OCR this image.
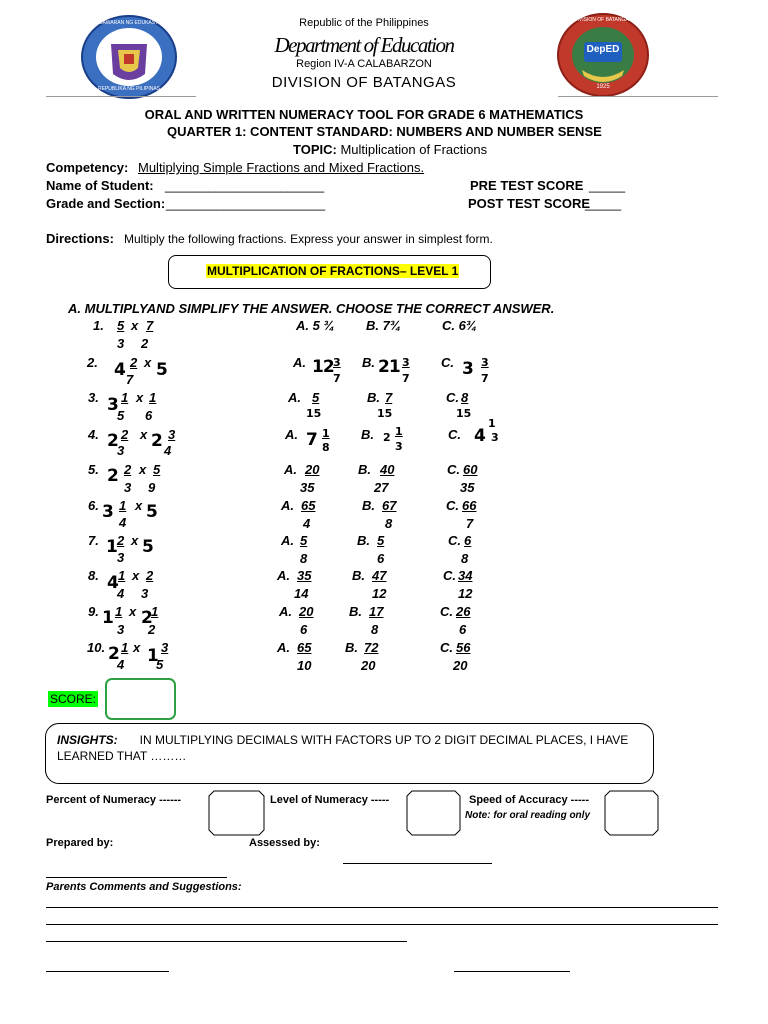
KAGAWARAN NG EDUKASYON
REPUBLIKA NG PILIPINAS
DIVISION OF BATANGAS
DepED
1925
Republic of the Philippines
Department of Education
Region IV-A CALABARZON
DIVISION OF BATANGAS
ORAL AND WRITTEN NUMERACY TOOL FOR GRADE 6 MATHEMATICS
QUARTER 1: CONTENT STANDARD: NUMBERS AND NUMBER SENSE
TOPIC: Multiplication of Fractions
Competency: Multiplying Simple Fractions and Mixed Fractions.
Name of Student: ______________________
Grade and Section: ______________________
PRE TEST SCORE _____
POST TEST SCORE
_____
Directions: Multiply the following fractions. Express your answer in simplest form.
MULTIPLICATION OF FRACTIONS– LEVEL 1
A. MULTIPLYAND SIMPLIFY THE ANSWER. CHOOSE THE CORRECT ANSWER.
1. 5 x 7
3 2
A. 5 ¾ B. 7¾	C. 6¾
2. 4 2 x 5
7
A. 12 3
7
B. 21 3
7
C. 3 3
7
3. 3 1 x 1
5 6
A. 5
15
B. 7
15
C. 8
15
4. 2 2 x 2 3
3	4
A. 7 1
8
B. 2 1
3
C. 4
1
3
5. 2 2 x 5
3 9
A. 20
35
B. 40
27
C. 60
35
6. 3 1 x 5
4
A. 65
4
B. 67
8
C. 66
7
7. 1 2 x 5
3
A. 5
8
B. 5
6
C. 6
8
8. 4 1 x 2
4 3
A. 35
14
B. 47
12
C. 34
12
9. 1 1 x 2 1
3 2
A. 20
6
B. 17
8
C. 26
6
10. 2 1 x 1 3
4 5
A. 65
10
B. 72
20
C. 56
20
SCORE:
INSIGHTS: IN MULTIPLYING DECIMALS WITH FACTORS UP TO 2 DIGIT DECIMAL PLACES, I HAVE LEARNED THAT ………
Percent of Numeracy ------	Level of Numeracy -----	Speed of Accuracy -----
Note: for oral reading only
Prepared by:	Assessed by:
Parents Comments and Suggestions:
